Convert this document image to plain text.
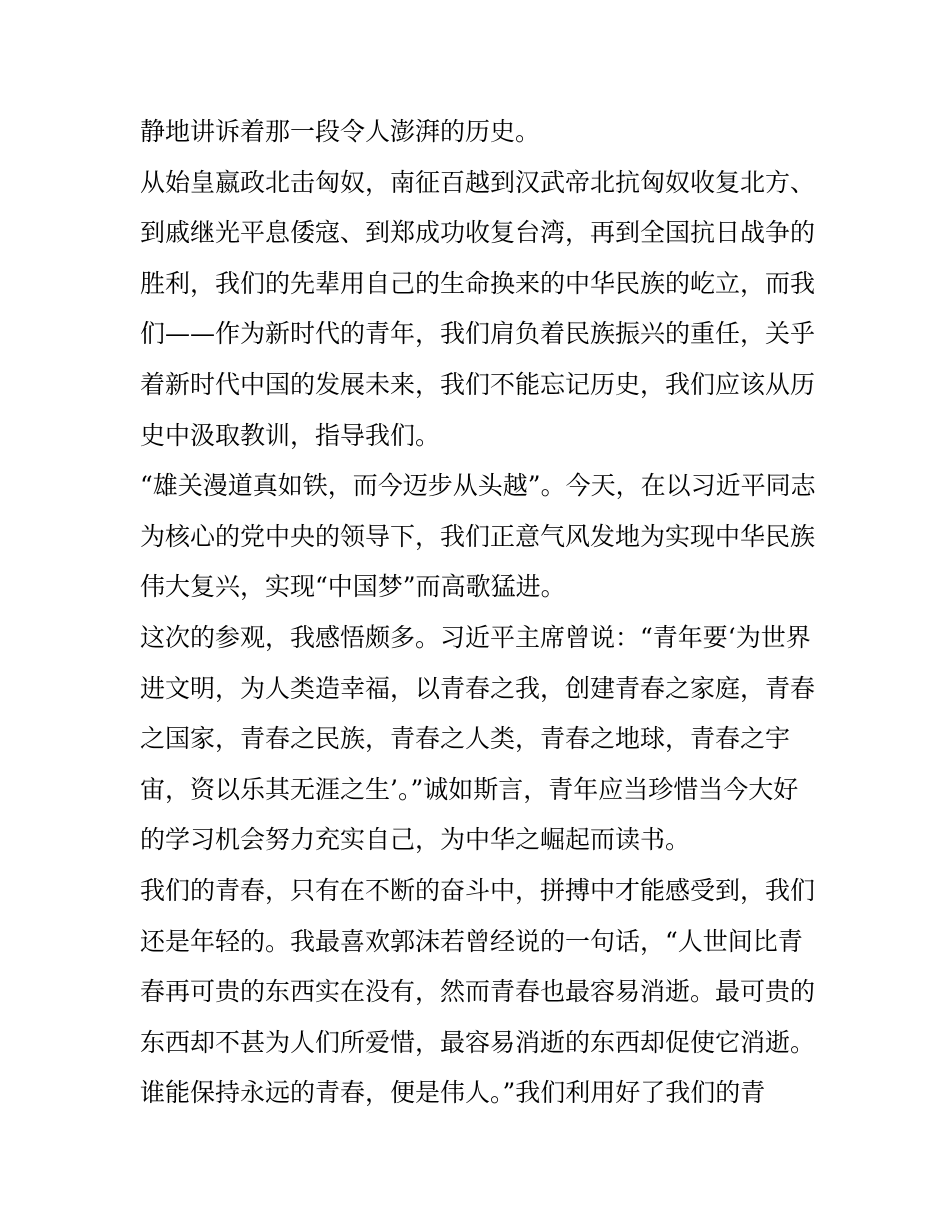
静地讲诉着那一段令人澎湃的历史。
从始皇嬴政北击匈奴，南征百越到汉武帝北抗匈奴收复北方、
到戚继光平息倭寇、到郑成功收复台湾，再到全国抗日战争的
胜利，我们的先辈用自己的生命换来的中华民族的屹立，而我
们——作为新时代的青年，我们肩负着民族振兴的重任，关乎
着新时代中国的发展未来，我们不能忘记历史，我们应该从历
史中汲取教训，指导我们。
“雄关漫道真如铁，而今迈步从头越”。今天，在以习近平同志
为核心的党中央的领导下，我们正意气风发地为实现中华民族
伟大复兴，实现“中国梦”而高歌猛进。
这次的参观，我感悟颇多。习近平主席曾说：“青年要‘为世界
进文明，为人类造幸福，以青春之我，创建青春之家庭，青春
之国家，青春之民族，青春之人类，青春之地球，青春之宇
宙，资以乐其无涯之生’。”诚如斯言，青年应当珍惜当今大好
的学习机会努力充实自己，为中华之崛起而读书。
我们的青春，只有在不断的奋斗中，拼搏中才能感受到，我们
还是年轻的。我最喜欢郭沫若曾经说的一句话，“人世间比青
春再可贵的东西实在没有，然而青春也最容易消逝。最可贵的
东西却不甚为人们所爱惜，最容易消逝的东西却促使它消逝。
谁能保持永远的青春，便是伟人。”我们利用好了我们的青
